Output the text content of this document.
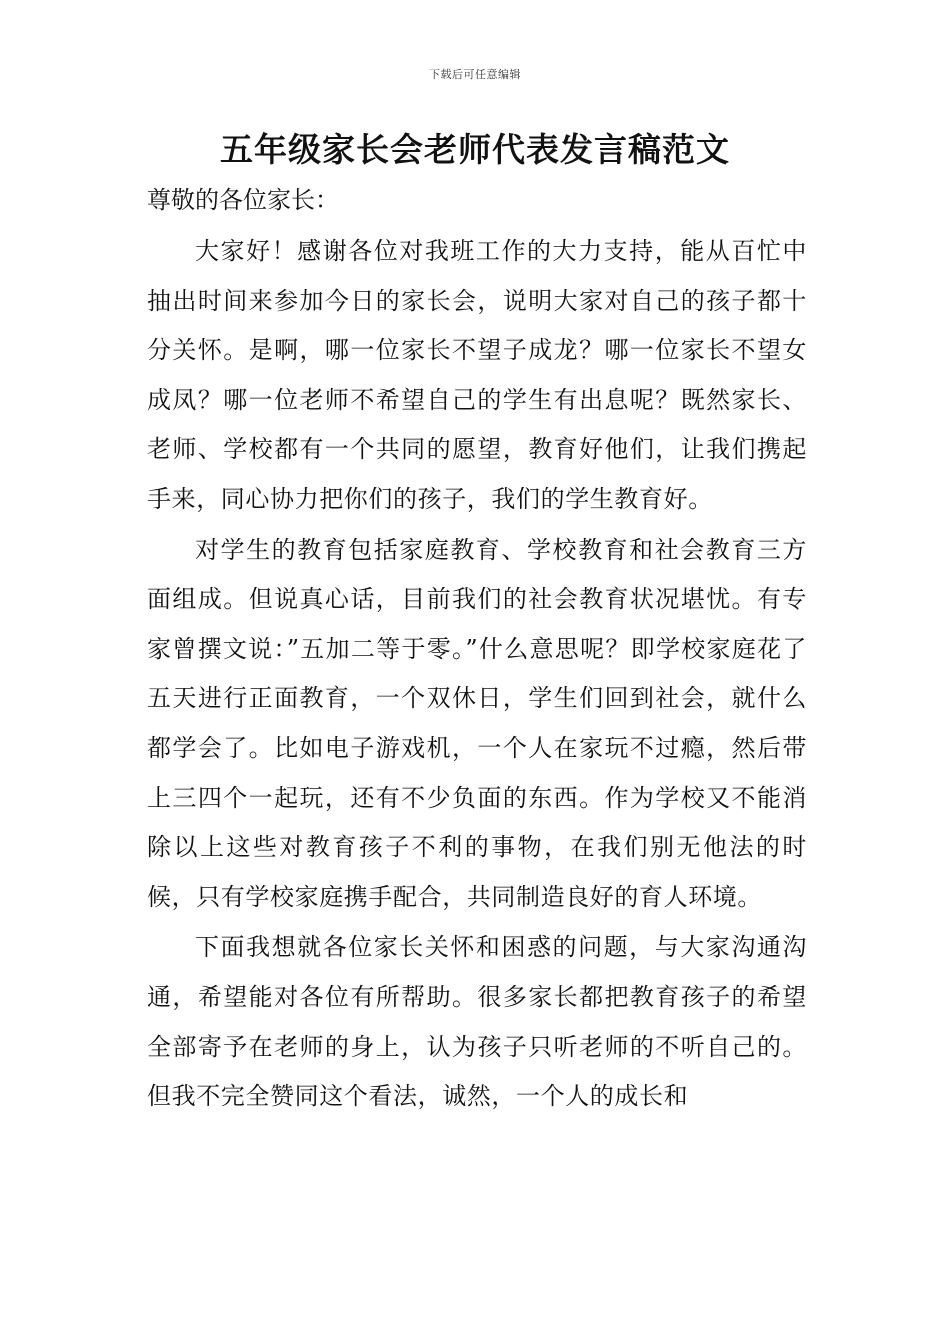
下载后可任意编辑
五年级家长会老师代表发言稿范文

尊敬的各位家长：

大家好！感谢各位对我班工作的大力支持，能从百忙中抽出时间来参加今日的家长会，说明大家对自己的孩子都十分关怀。是啊，哪一位家长不望子成龙？哪一位家长不望女成凤？哪一位老师不希望自己的学生有出息呢？既然家长、老师、学校都有一个共同的愿望，教育好他们，让我们携起手来，同心协力把你们的孩子，我们的学生教育好。

对学生的教育包括家庭教育、学校教育和社会教育三方面组成。但说真心话，目前我们的社会教育状况堪忧。有专家曾撰文说：”五加二等于零。”什么意思呢？即学校家庭花了五天进行正面教育，一个双休日，学生们回到社会，就什么都学会了。比如电子游戏机，一个人在家玩不过瘾，然后带上三四个一起玩，还有不少负面的东西。作为学校又不能消除以上这些对教育孩子不利的事物，在我们别无他法的时候，只有学校家庭携手配合，共同制造良好的育人环境。

下面我想就各位家长关怀和困惑的问题，与大家沟通沟通，希望能对各位有所帮助。很多家长都把教育孩子的希望全部寄予在老师的身上，认为孩子只听老师的不听自己的。但我不完全赞同这个看法，诚然，一个人的成长和
